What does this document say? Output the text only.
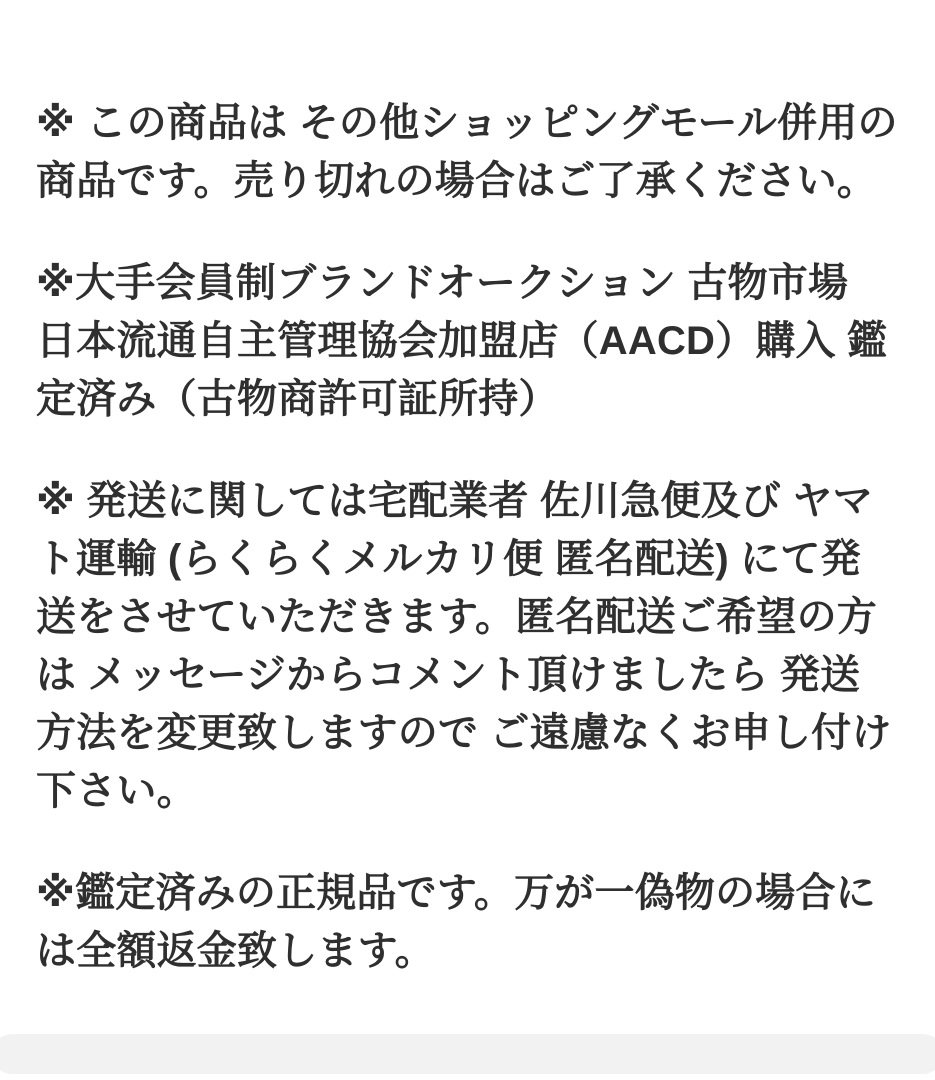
※ この商品は その他ショッピングモール併用の商品です。売り切れの場合はご了承ください。

※大手会員制ブランドオークション 古物市場 日本流通自主管理協会加盟店（AACD）購入 鑑定済み（古物商許可証所持）

※ 発送に関しては宅配業者 佐川急便及び ヤマト運輸 (らくらくメルカリ便 匿名配送) にて発送をさせていただきます。匿名配送ご希望の方は メッセージからコメント頂けましたら 発送方法を変更致しますので ご遠慮なくお申し付け下さい。

※鑑定済みの正規品です。万が一偽物の場合には全額返金致します。
